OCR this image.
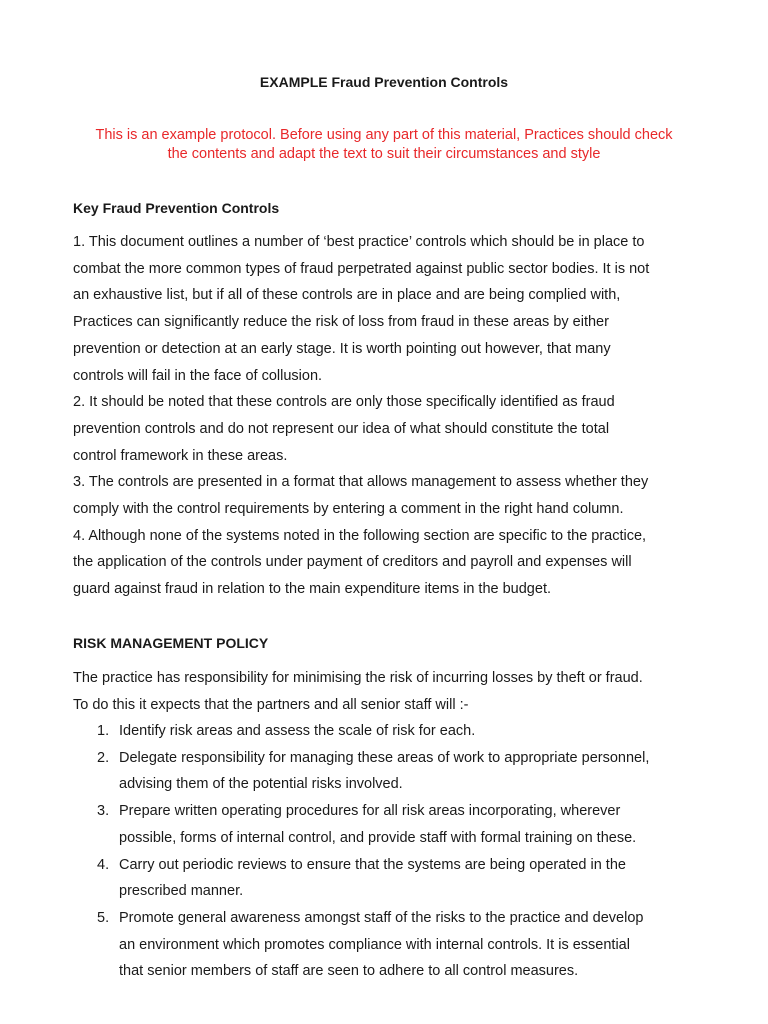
EXAMPLE Fraud Prevention Controls

This is an example protocol. Before using any part of this material, Practices should check
the contents and adapt the text to suit their circumstances and style

Key Fraud Prevention Controls
1. This document outlines a number of ‘best practice’ controls which should be in place to
combat the more common types of fraud perpetrated against public sector bodies. It is not
an exhaustive list, but if all of these controls are in place and are being complied with,
Practices can significantly reduce the risk of loss from fraud in these areas by either
prevention or detection at an early stage. It is worth pointing out however, that many
controls will fail in the face of collusion.
2. It should be noted that these controls are only those specifically identified as fraud
prevention controls and do not represent our idea of what should constitute the total
control framework in these areas.
3. The controls are presented in a format that allows management to assess whether they
comply with the control requirements by entering a comment in the right hand column.
4. Although none of the systems noted in the following section are specific to the practice,
the application of the controls under payment of creditors and payroll and expenses will
guard against fraud in relation to the main expenditure items in the budget.
RISK MANAGEMENT POLICY
The practice has responsibility for minimising the risk of incurring losses by theft or fraud.
To do this it expects that the partners and all senior staff will :-
1. Identify risk areas and assess the scale of risk for each.
2. Delegate responsibility for managing these areas of work to appropriate personnel,
advising them of the potential risks involved.
3. Prepare written operating procedures for all risk areas incorporating, wherever
possible, forms of internal control, and provide staff with formal training on these.
4. Carry out periodic reviews to ensure that the systems are being operated in the
prescribed manner.
5. Promote general awareness amongst staff of the risks to the practice and develop
an environment which promotes compliance with internal controls. It is essential
that senior members of staff are seen to adhere to all control measures.
